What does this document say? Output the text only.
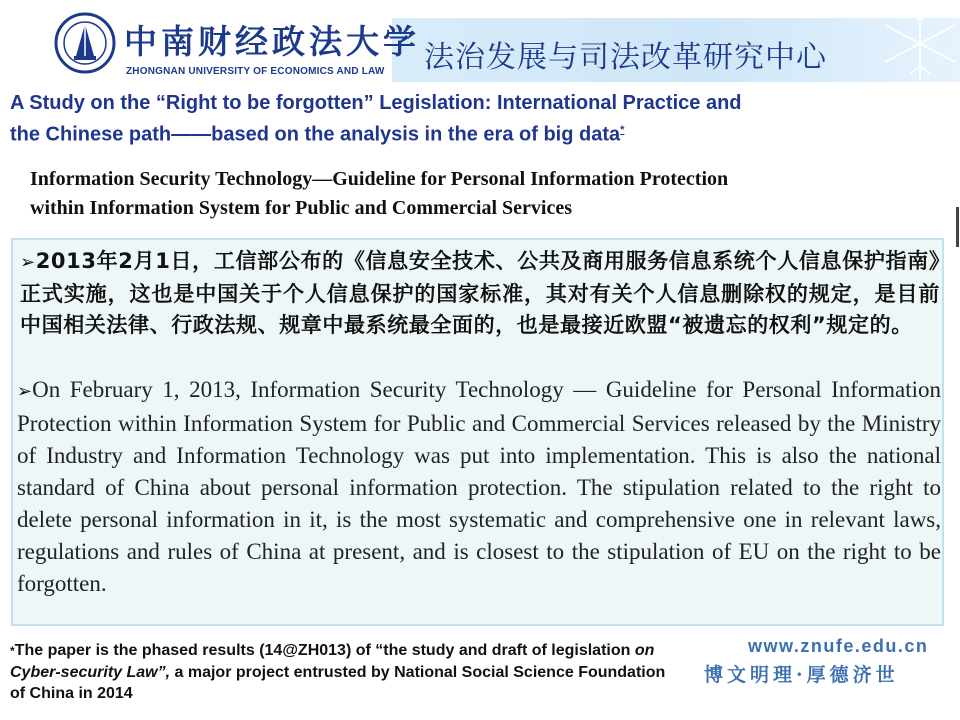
中南财经政法大学
ZHONGNAN UNIVERSITY OF ECONOMICS AND LAW 法治发展与司法改革研究中心
A Study on the “Right to be forgotten” Legislation: International Practice and
the Chinese path——based on the analysis in the era of big data*
Information Security Technology—Guideline for Personal Information Protection
within Information System for Public and Commercial Services
➢2013年2月1日，工信部公布的《信息安全技术、公共及商用服务信息系统个人信息保护指南》正式实施，这也是中国关于个人信息保护的国家标准，其对有关个人信息删除权的规定，是目前中国相关法律、行政法规、规章中最系统最全面的，也是最接近欧盟“被遗忘的权利”规定的。
➢On February 1, 2013, Information Security Technology — Guideline for Personal Information Protection within Information System for Public and Commercial Services released by the Ministry of Industry and Information Technology was put into implementation. This is also the national standard of China about personal information protection. The stipulation related to the right to delete personal information in it, is the most systematic and comprehensive one in relevant laws, regulations and rules of China at present, and is closest to the stipulation of EU on the right to be forgotten.
*The paper is the phased results (14@ZH013) of “the study and draft of legislation on Cyber-security Law”, a major project entrusted by National Social Science Foundation of China in 2014
www.znufe.edu.cn
博文明理·厚德济世
